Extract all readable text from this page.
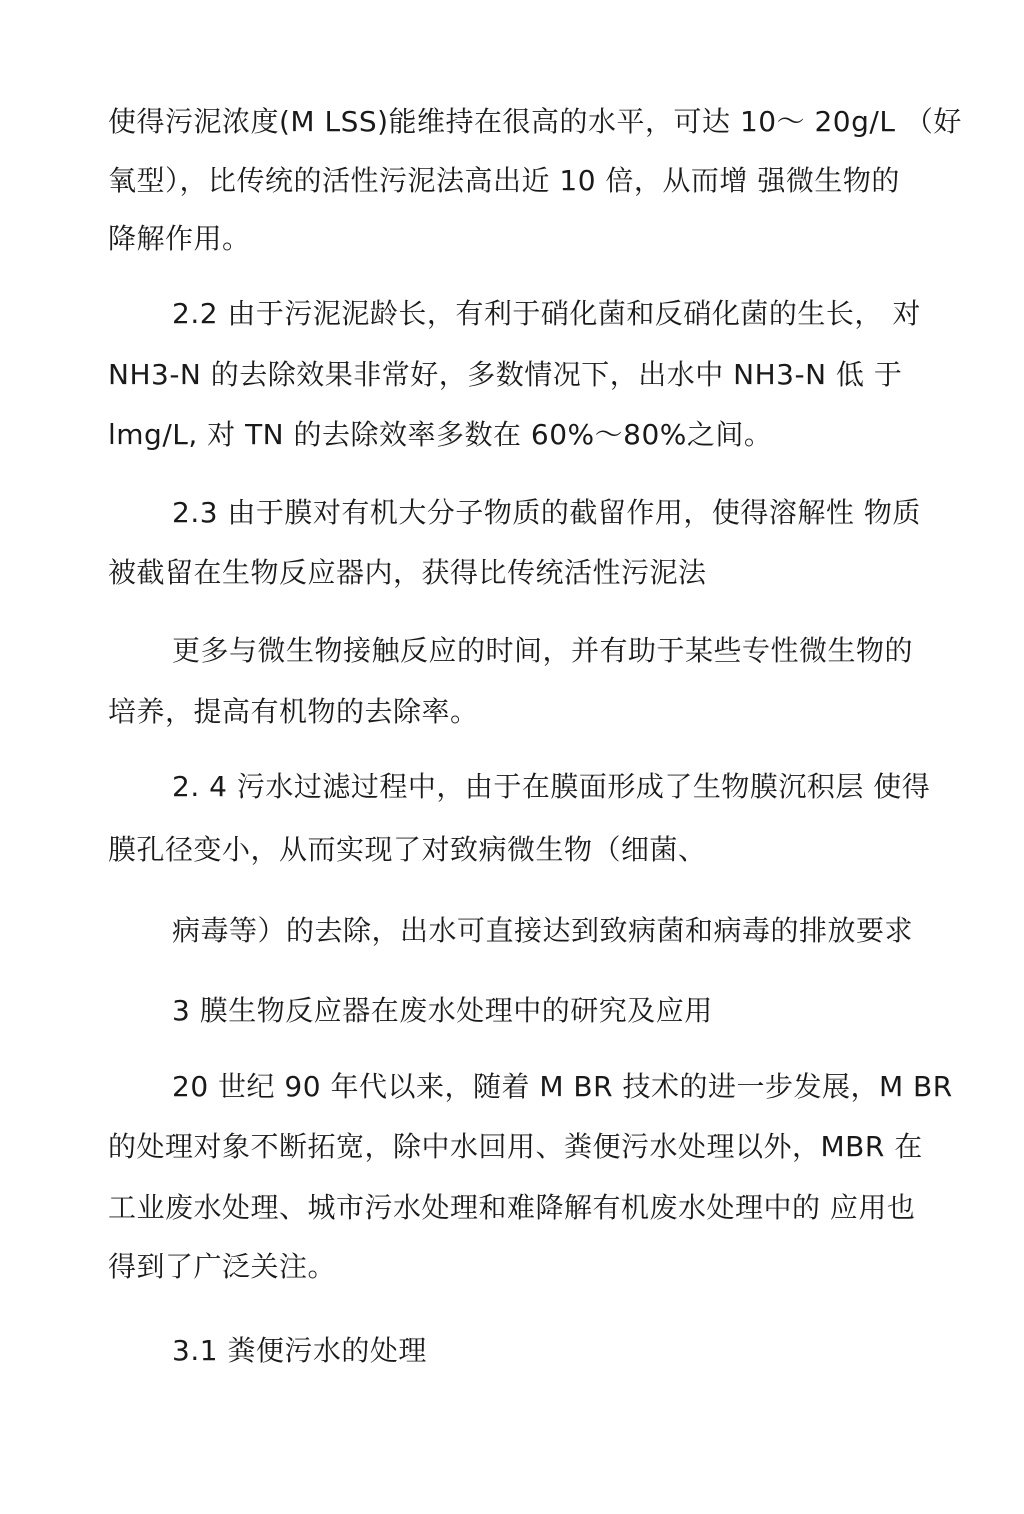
使得污泥浓度(M LSS)能维持在很高的水平，可达 10～ 20g/L （好
氧型），比传统的活性污泥法高出近 10 倍，从而增 强微生物的
降解作用。
2.2 由于污泥泥龄长，有利于硝化菌和反硝化菌的生长， 对
NH3-N 的去除效果非常好，多数情况下，出水中 NH3-N 低 于
lmg/L, 对 TN 的去除效率多数在 60%～80%之间。
2.3 由于膜对有机大分子物质的截留作用，使得溶解性 物质
被截留在生物反应器内，获得比传统活性污泥法
更多与微生物接触反应的时间，并有助于某些专性微生物的
培养，提高有机物的去除率。
2. 4 污水过滤过程中，由于在膜面形成了生物膜沉积层 使得
膜孔径变小，从而实现了对致病微生物（细菌、
病毒等）的去除，出水可直接达到致病菌和病毒的排放要求
3 膜生物反应器在废水处理中的研究及应用
20 世纪 90 年代以来，随着 M BR 技术的进一步发展，M BR
的处理对象不断拓宽，除中水回用、粪便污水处理以外，MBR 在
工业废水处理、城市污水处理和难降解有机废水处理中的 应用也
得到了广泛关注。
3.1 粪便污水的处理
